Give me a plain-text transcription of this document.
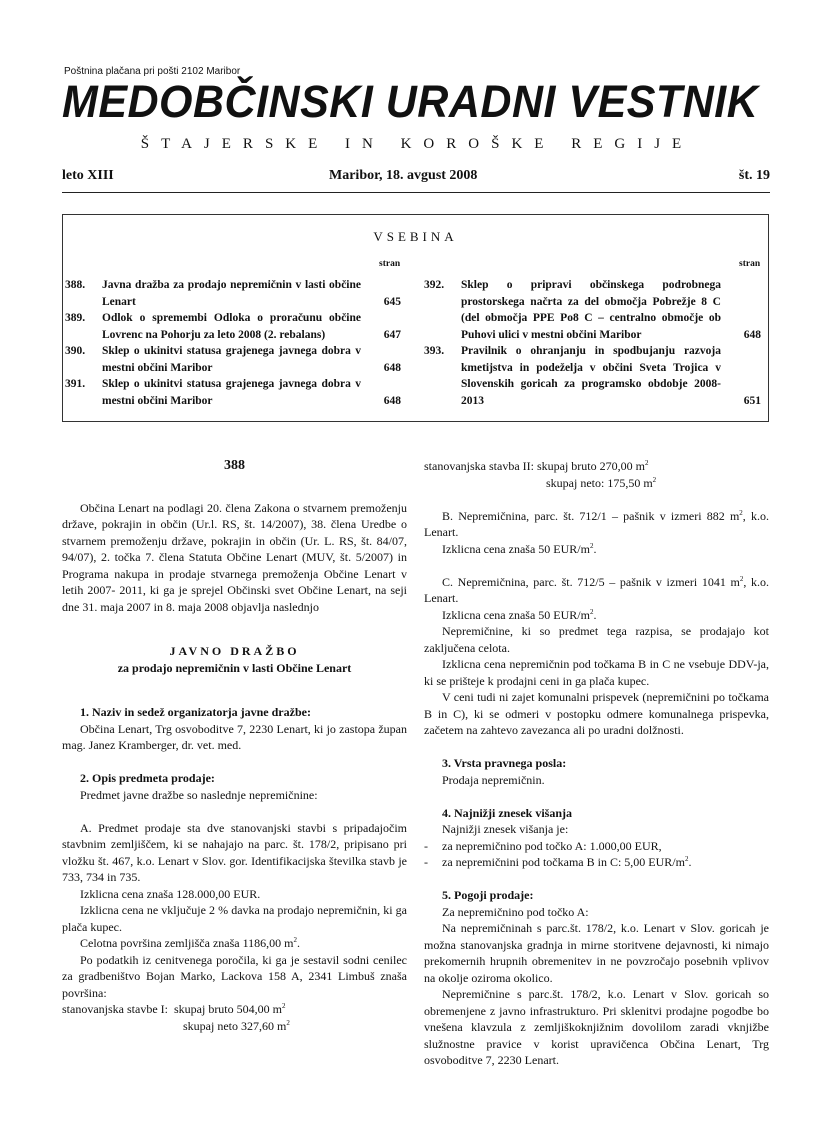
Poštnina plačana pri pošti 2102 Maribor
MEDOBČINSKI URADNI VESTNIK
ŠTAJERSKE IN KOROŠKE REGIJE
leto XIII	Maribor, 18. avgust 2008	št. 19
VSEBINA
stran	stran
388.	Javna dražba za prodajo nepremičnin v lasti občine Lenart	645
389.	Odlok o spremembi Odloka o proračunu občine Lovrenc na Pohorju za leto 2008 (2. rebalans)	647
390.	Sklep o ukinitvi statusa grajenega javnega dobra v mestni občini Maribor	648
391.	Sklep o ukinitvi statusa grajenega javnega dobra v mestni občini Maribor	648
392.	Sklep o pripravi občinskega podrobnega prostorskega načrta za del območja Pobrežje 8 C (del območja PPE Po8 C – centralno območje ob Puhovi ulici v mestni občini Maribor	648
393.	Pravilnik o ohranjanju in spodbujanju razvoja kmetijstva in podeželja v občini Sveta Trojica v Slovenskih goricah za programsko obdobje 2008-2013	651

388

Občina Lenart na podlagi 20. člena Zakona o stvarnem premoženju države, pokrajin in občin (Ur.l. RS, št. 14/2007), 38. člena Uredbe o stvarnem premoženju države, pokrajin in občin (Ur. L. RS, št. 84/07, 94/07), 2. točka 7. člena Statuta Občine Lenart (MUV, št. 5/2007) in Programa nakupa in prodaje stvarnega premoženja Občine Lenart v letih 2007- 2011, ki ga je sprejel Občinski svet Občine Lenart, na seji dne 31. maja 2007 in 8. maja 2008 objavlja naslednjo

JAVNO DRAŽBO

za prodajo nepremičnin v lasti Občine Lenart

1. Naziv in sedež organizatorja javne dražbe:

Občina Lenart, Trg osvoboditve 7, 2230 Lenart, ki jo zastopa župan mag. Janez Kramberger, dr. vet. med.

2. Opis predmeta prodaje:

Predmet javne dražbe so naslednje nepremičnine:

A. Predmet prodaje sta dve stanovanjski stavbi s pripadajočim stavbnim zemljiščem, ki se nahajajo na parc. št. 178/2, pripisano pri vložku št. 467, k.o. Lenart v Slov. gor. Identifikacijska številka stavb je 733, 734 in 735.

Izklicna cena znaša 128.000,00 EUR.

Izklicna cena ne vključuje 2 % davka na prodajo nepremičnin, ki ga plača kupec.

Celotna površina zemljišča znaša 1186,00 $m^2$.

Po podatkih iz cenitvenega poročila, ki ga je sestavil sodni cenilec za gradbeništvo Bojan Marko, Lackova 158 A, 2341 Limbuš znaša površina:

stanovanjska stavbe I: skupaj bruto 504,00 $m^2$

skupaj neto 327,60 $m^2$

stanovanjska stavba II: skupaj bruto 270,00 $m^2$

skupaj neto: 175,50 $m^2$

B. Nepremičnina, parc. št. 712/1 – pašnik v izmeri 882 $m^2$, k.o. Lenart.

Izklicna cena znaša 50 EUR/$m^2$.

C. Nepremičnina, parc. št. 712/5 – pašnik v izmeri 1041 $m^2$, k.o. Lenart.

Izklicna cena znaša 50 EUR/$m^2$.

Nepremičnine, ki so predmet tega razpisa, se prodajajo kot zaključena celota.

Izklicna cena nepremičnin pod točkama B in C ne vsebuje DDV-ja, ki se prišteje k prodajni ceni in ga plača kupec.

V ceni tudi ni zajet komunalni prispevek (nepremičnini po točkama B in C), ki se odmeri v postopku odmere komunalnega prispevka, začetem na zahtevo zavezanca ali po uradni dolžnosti.

3. Vrsta pravnega posla:

Prodaja nepremičnin.

4. Najnižji znesek višanja

Najnižji znesek višanja je:

- za nepremičnino pod točko A: 1.000,00 EUR,

- za nepremičnini pod točkama B in C: 5,00 EUR/$m^2$.

5. Pogoji prodaje:

Za nepremičnino pod točko A:

Na nepremičninah s parc.št. 178/2, k.o. Lenart v Slov. goricah je možna stanovanjska gradnja in mirne storitvene dejavnosti, ki nimajo prekomernih hrupnih obremenitev in ne povzročajo posebnih vplivov na okolje oziroma okolico.

Nepremičnine s parc.št. 178/2, k.o. Lenart v Slov. goricah so obremenjene z javno infrastrukturo. Pri sklenitvi prodajne pogodbe bo vnešena klavzula z zemljiškoknjižnim dovolilom zaradi vknjižbe služnostne pravice v korist upravičenca Občina Lenart, Trg osvoboditve 7, 2230 Lenart.
